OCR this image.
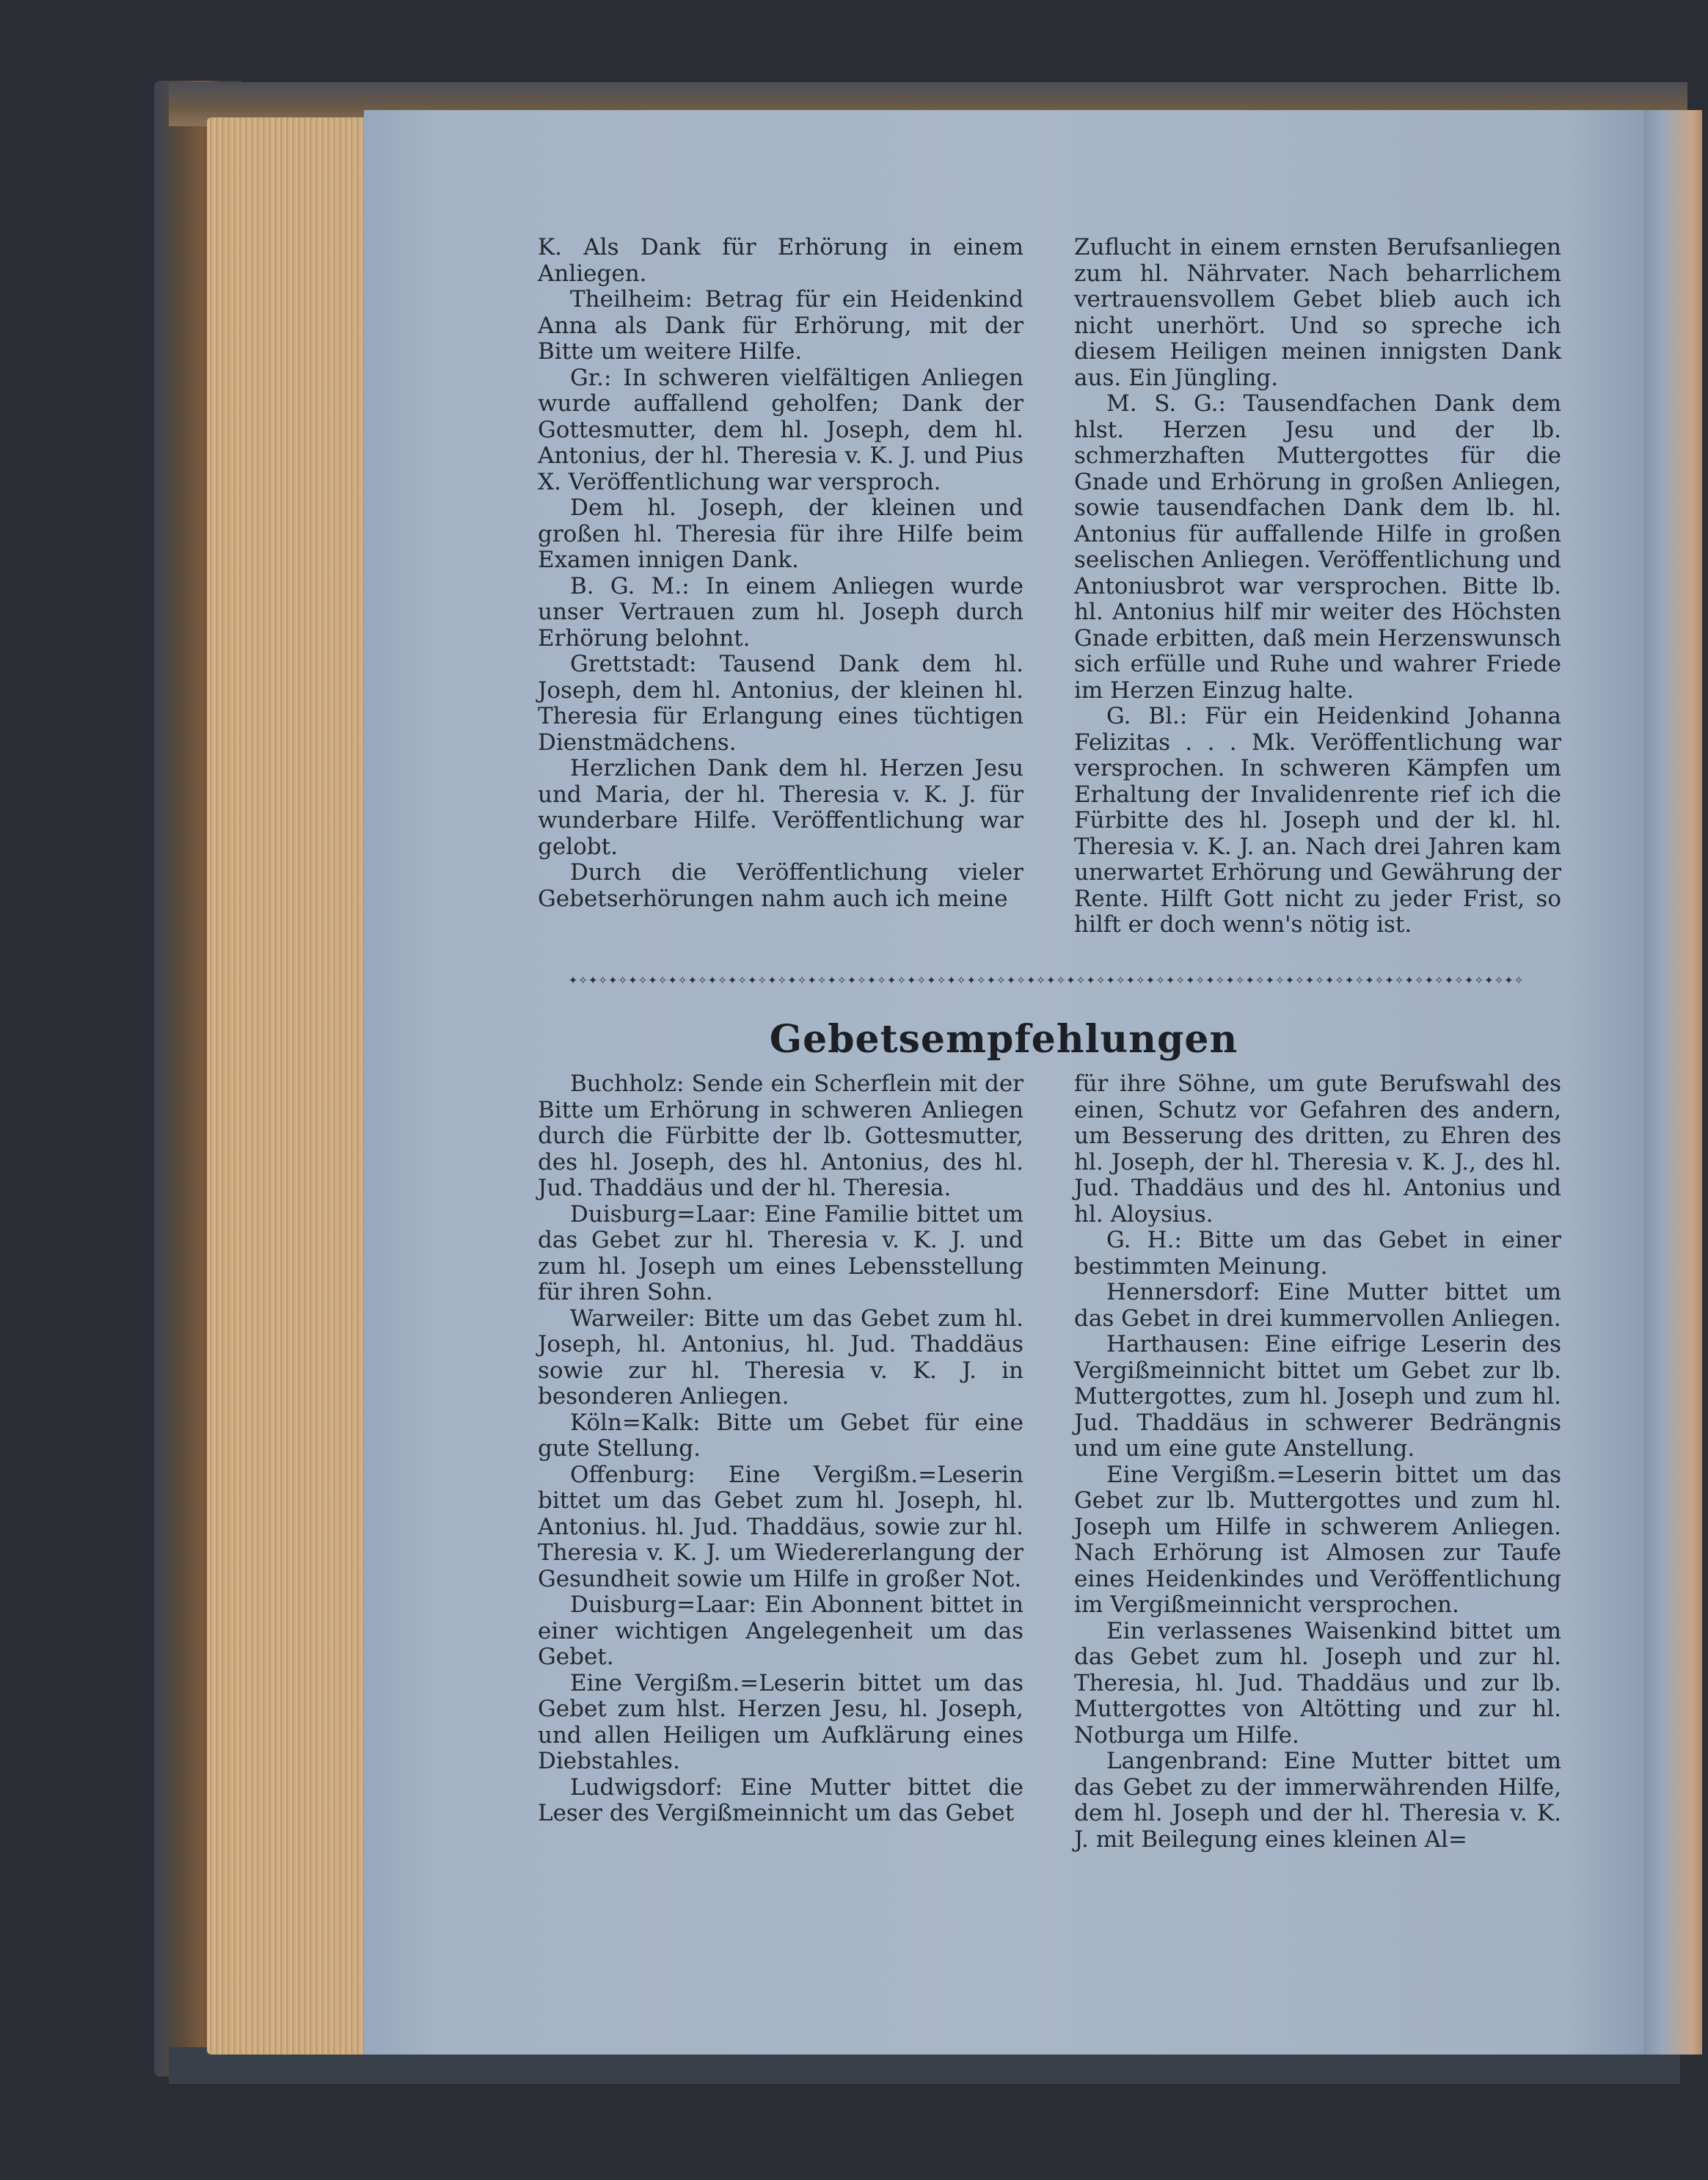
K. Als Dank für Erhörung in einem Anliegen.

Theilheim: Betrag für ein Heidenkind Anna als Dank für Erhörung, mit der Bitte um weitere Hilfe.

Gr.: In schweren vielfältigen Anliegen wurde auffallend geholfen; Dank der Gottesmutter, dem hl. Joseph, dem hl. Antonius, der hl. Theresia v. K. J. und Pius X. Veröffentlichung war versproch.

Dem hl. Joseph, der kleinen und großen hl. Theresia für ihre Hilfe beim Examen innigen Dank.

B. G. M.: In einem Anliegen wurde unser Vertrauen zum hl. Joseph durch Erhörung belohnt.

Grettstadt: Tausend Dank dem hl. Joseph, dem hl. Antonius, der kleinen hl. Theresia für Erlangung eines tüchtigen Dienstmädchens.

Herzlichen Dank dem hl. Herzen Jesu und Maria, der hl. Theresia v. K. J. für wunderbare Hilfe. Veröffentlichung war gelobt.

Durch die Veröffentlichung vieler Gebetserhörungen nahm auch ich meine

Zuflucht in einem ernsten Berufsanliegen zum hl. Nährvater. Nach beharrlichem vertrauensvollem Gebet blieb auch ich nicht unerhört. Und so spreche ich diesem Heiligen meinen innigsten Dank aus. Ein Jüngling.

M. S. G.: Tausendfachen Dank dem hlst. Herzen Jesu und der lb. schmerzhaften Muttergottes für die Gnade und Erhörung in großen Anliegen, sowie tausendfachen Dank dem lb. hl. Antonius für auffallende Hilfe in großen seelischen Anliegen. Veröffentlichung und Antoniusbrot war versprochen. Bitte lb. hl. Antonius hilf mir weiter des Höchsten Gnade erbitten, daß mein Herzenswunsch sich erfülle und Ruhe und wahrer Friede im Herzen Einzug halte.

G. Bl.: Für ein Heidenkind Johanna Felizitas . . . Mk. Veröffentlichung war versprochen. In schweren Kämpfen um Erhaltung der Invalidenrente rief ich die Fürbitte des hl. Joseph und der kl. hl. Theresia v. K. J. an. Nach drei Jahren kam unerwartet Erhörung und Gewährung der Rente. Hilft Gott nicht zu jeder Frist, so hilft er doch wenn's nötig ist.

✦✧✦✧✦✧✦✧✦✧✦✧✦✧✦✧✦✧✦✧✦✧✦✧✦✧✦✧✦✧✦✧✦✧✦✧✦✧✦✧✦✧✦✧✦✧✦✧✦✧✦✧✦✧✦✧✦✧✦✧✦✧✦✧✦✧✦✧✦✧✦✧✦✧✦✧✦✧✦✧✦✧✦✧✦✧✦✧✦✧✦✧✦✧✦✧
Gebetsempfehlungen

Buchholz: Sende ein Scherflein mit der Bitte um Erhörung in schweren Anliegen durch die Fürbitte der lb. Gottesmutter, des hl. Joseph, des hl. Antonius, des hl. Jud. Thaddäus und der hl. Theresia.

Duisburg=Laar: Eine Familie bittet um das Gebet zur hl. Theresia v. K. J. und zum hl. Joseph um eines Lebensstellung für ihren Sohn.

Warweiler: Bitte um das Gebet zum hl. Joseph, hl. Antonius, hl. Jud. Thaddäus sowie zur hl. Theresia v. K. J. in besonderen Anliegen.

Köln=Kalk: Bitte um Gebet für eine gute Stellung.

Offenburg: Eine Vergißm.=Leserin bittet um das Gebet zum hl. Joseph, hl. Antonius. hl. Jud. Thaddäus, sowie zur hl. Theresia v. K. J. um Wiedererlangung der Gesundheit sowie um Hilfe in großer Not.

Duisburg=Laar: Ein Abonnent bittet in einer wichtigen Angelegenheit um das Gebet.

Eine Vergißm.=Leserin bittet um das Gebet zum hlst. Herzen Jesu, hl. Joseph, und allen Heiligen um Aufklärung eines Diebstahles.

Ludwigsdorf: Eine Mutter bittet die Leser des Vergißmeinnicht um das Gebet

für ihre Söhne, um gute Berufswahl des einen, Schutz vor Gefahren des andern, um Besserung des dritten, zu Ehren des hl. Joseph, der hl. Theresia v. K. J., des hl. Jud. Thaddäus und des hl. Antonius und hl. Aloysius.

G. H.: Bitte um das Gebet in einer bestimmten Meinung.

Hennersdorf: Eine Mutter bittet um das Gebet in drei kummervollen Anliegen.

Harthausen: Eine eifrige Leserin des Vergißmeinnicht bittet um Gebet zur lb. Muttergottes, zum hl. Joseph und zum hl. Jud. Thaddäus in schwerer Bedrängnis und um eine gute Anstellung.

Eine Vergißm.=Leserin bittet um das Gebet zur lb. Muttergottes und zum hl. Joseph um Hilfe in schwerem Anliegen. Nach Erhörung ist Almosen zur Taufe eines Heidenkindes und Veröffentlichung im Vergißmeinnicht versprochen.

Ein verlassenes Waisenkind bittet um das Gebet zum hl. Joseph und zur hl. Theresia, hl. Jud. Thaddäus und zur lb. Muttergottes von Altötting und zur hl. Notburga um Hilfe.

Langenbrand: Eine Mutter bittet um das Gebet zu der immerwährenden Hilfe, dem hl. Joseph und der hl. Theresia v. K. J. mit Beilegung eines kleinen Al=
